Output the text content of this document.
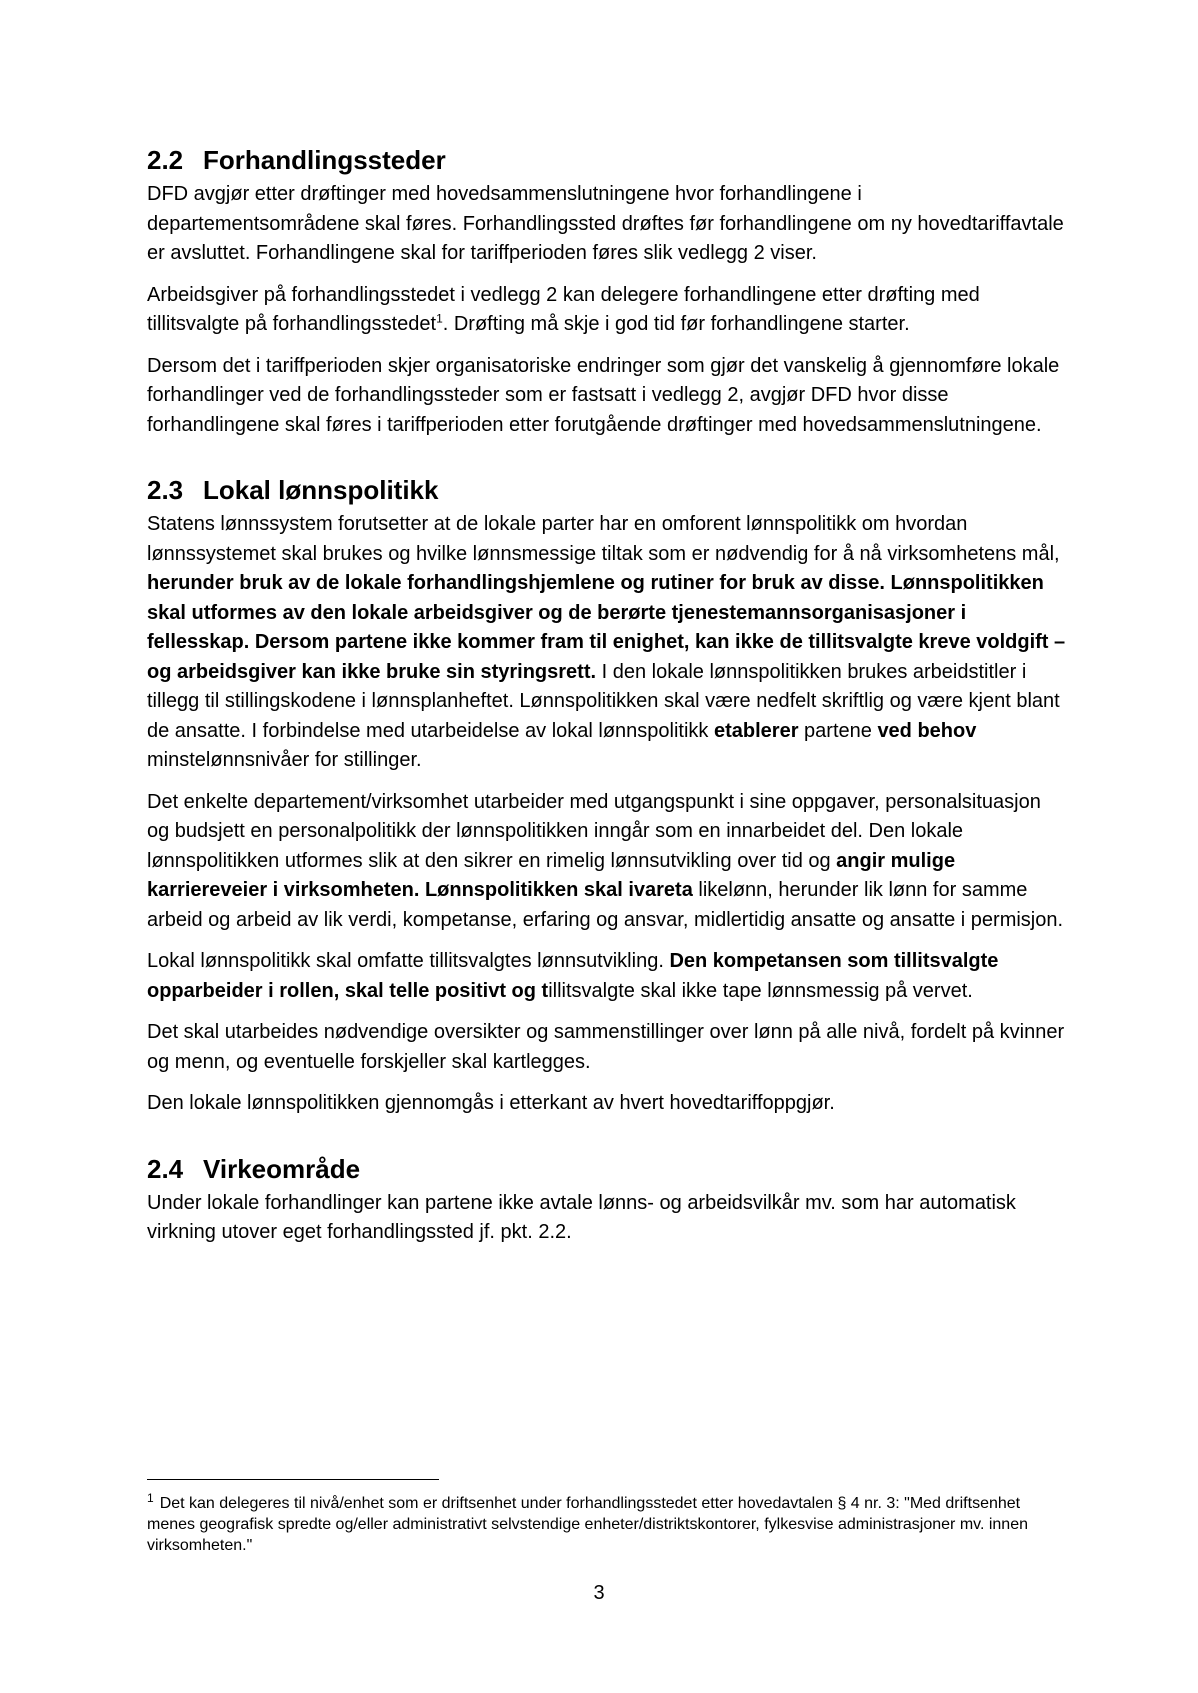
2.2 Forhandlingssteder

DFD avgjør etter drøftinger med hovedsammenslutningene hvor forhandlingene i departementsområdene skal føres. Forhandlingssted drøftes før forhandlingene om ny hovedtariffavtale er avsluttet. Forhandlingene skal for tariffperioden føres slik vedlegg 2 viser.

Arbeidsgiver på forhandlingsstedet i vedlegg 2 kan delegere forhandlingene etter drøfting med tillitsvalgte på forhandlingsstedet$^1$. Drøfting må skje i god tid før forhandlingene starter.

Dersom det i tariffperioden skjer organisatoriske endringer som gjør det vanskelig å gjennomføre lokale forhandlinger ved de forhandlingssteder som er fastsatt i vedlegg 2, avgjør DFD hvor disse forhandlingene skal føres i tariffperioden etter forutgående drøftinger med hovedsammenslutningene.

2.3 Lokal lønnspolitikk

Statens lønnssystem forutsetter at de lokale parter har en omforent lønnspolitikk om hvordan lønnssystemet skal brukes og hvilke lønnsmessige tiltak som er nødvendig for å nå virksomhetens mål, herunder bruk av de lokale forhandlingshjemlene og rutiner for bruk av disse. Lønnspolitikken skal utformes av den lokale arbeidsgiver og de berørte tjenestemannsorganisasjoner i fellesskap. Dersom partene ikke kommer fram til enighet, kan ikke de tillitsvalgte kreve voldgift – og arbeidsgiver kan ikke bruke sin styringsrett. I den lokale lønnspolitikken brukes arbeidstitler i tillegg til stillingskodene i lønnsplanheftet. Lønnspolitikken skal være nedfelt skriftlig og være kjent blant de ansatte. I forbindelse med utarbeidelse av lokal lønnspolitikk etablerer partene ved behov minstelønnsnivåer for stillinger.

Det enkelte departement/virksomhet utarbeider med utgangspunkt i sine oppgaver, personalsituasjon og budsjett en personalpolitikk der lønnspolitikken inngår som en innarbeidet del. Den lokale lønnspolitikken utformes slik at den sikrer en rimelig lønnsutvikling over tid og angir mulige karriereveier i virksomheten. Lønnspolitikken skal ivareta likelønn, herunder lik lønn for samme arbeid og arbeid av lik verdi, kompetanse, erfaring og ansvar, midlertidig ansatte og ansatte i permisjon.

Lokal lønnspolitikk skal omfatte tillitsvalgtes lønnsutvikling. Den kompetansen som tillitsvalgte opparbeider i rollen, skal telle positivt og tillitsvalgte skal ikke tape lønnsmessig på vervet.

Det skal utarbeides nødvendige oversikter og sammenstillinger over lønn på alle nivå, fordelt på kvinner og menn, og eventuelle forskjeller skal kartlegges.

Den lokale lønnspolitikken gjennomgås i etterkant av hvert hovedtariffoppgjør.

2.4 Virkeområde

Under lokale forhandlinger kan partene ikke avtale lønns- og arbeidsvilkår mv. som har automatisk virkning utover eget forhandlingssted jf. pkt. 2.2.

$^1$ Det kan delegeres til nivå/enhet som er driftsenhet under forhandlingsstedet etter hovedavtalen § 4 nr. 3: "Med driftsenhet menes geografisk spredte og/eller administrativt selvstendige enheter/distriktskontorer, fylkesvise administrasjoner mv. innen virksomheten."
3
